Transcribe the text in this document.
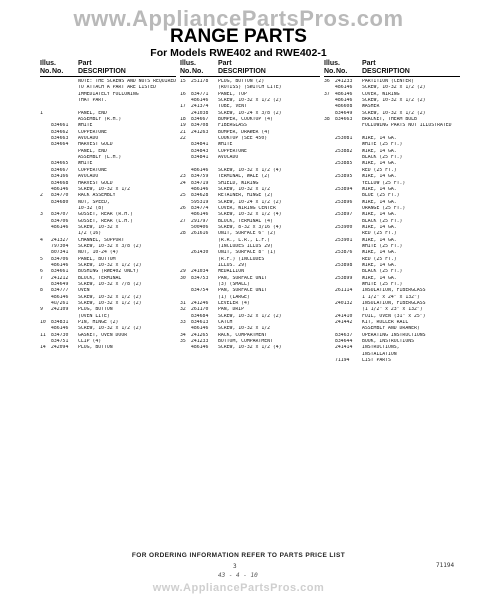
www.AppliancePartsPros.com
RANGE PARTS
For Models RWE402 and RWE402-1
Illus.	Part
No.No. DESCRIPTION
NOTE: THE SCREWS AND NUTS REQUIRED
TO ATTACH A PART ARE LISTED
IMMEDIATELY FOLLOWING
THAT PART.
1	PANEL, END
ASSEMBLY (R.H.)
834661	WHITE
834662	COPPERTONE
834663	AVOCADO
834664	HARVEST GOLD
PANEL, END
ASSEMBLY (L.H.)
834665	WHITE
834667	COPPERTONE
834166	AVOCADO
834668	HARVEST GOLD
486146	SCREW, 10-32 x 1/2
2	834770	RACK ASSEMBLY
834680	NUT, SPEED,
10-32 (8)
3	834707	GUSSET, REAR (R.H.)
834706	GUSSET, REAR (L.H.)
486146	SCREW, 10-32 x
1/2 (16)
4	241327	CHANNEL, SUPPORT
797304	SCREW, 10-32 x 3/8 (2)
807341	NUT, 10-24 (4)
5	834706	PANEL, BOTTOM
486146	SCREW, 10-32 x 1/2 (2)
6	834661	BUSHING (RWE402 ONLY)
7	241212	BLOCK, TERMINAL
834649	SCREW, 10-32 x 7/8 (2)
8	834777	OVEN
486146	SCREW, 10-32 x 1/2 (2)
4u/261	SCREW, 10-32 x 1/2 (2)
9	242109	PLUG, BUTTON
(OVEN LITE)
10	834831	PIN, HINGE (2)
486146	SCREW, 10-32 x 1/2 (2)
11	834730	GASKET, OVEN DOOR
834751	CLIP (4)
14	242094	PLUG, BUTTON
Illus.	Part
No.No. DESCRIPTION
15	251178	PLUG, BUTTON (2)
(ROTISS) (SWITCH LITE)
16	834771	PANEL, TOP
486146	SCREW, 10-32 x 1/2 (2)
17	241374	TUBE, VENT
241038	SCREW, 10-24 x 3/8 (2)
18	834667	BUMPER, COOKTOP (4)
19	834708	FIBERGLASS
21	241263	BUMPER, DRAWER (4)
22	COOKTOP (SEE 450)
834841	WHITE
834843	COPPERTONE
834841	AVOCADO
486146	SCREW, 10-32 x 1/2 (4)
23	834759	TERMINAL, WALE (2)
24	834719	SHIELD, WIRING
486146	SCREW, 10-32 x 1/2
25	834628	RETAINER, HINGE (2)
595319	SCREW, 10-24 x 1/2 (2)
26	834774	COVER, WIRING CENTER
486146	SCREW, 10-32 x 1/2 (4)
27	291797	BLOCK, TERMINAL (4)
500406	SCREW, 8-32 x 3/16 (4)
28	261616	UNIT, SURFACE 6" (2)
(R.R., L.R., L.F.)
(INCLUDES ILLUS 29)
261430	UNIT, SURFACE 8" (1)
(R.F.) (INCLUDES
ILLUS. 29)
29	241034	MEDALLION
30	834753	PAN, SURFACE UNIT
(3) (SMALL)
834754	PAN, SURFACE UNIT
(1) (LARGE)
31	241246	LEVELER (4)
32	261170	PAN, DRIP
834684	SCREW, 10-32 x 1/2 (2)
33	834613	CATCH
486146	SCREW, 10-32 x 1/2
34	241265	RACK, COMPARTMENT
35	241233	BOTTOM, COMPARTMENT
486146	SCREW, 10-32 x 1/2 (4)
Illus.	Part
No.No. DESCRIPTION
36	241233	PARTITION (CENTER)
486146	SCREW, 10-32 x 1/2 (2)
37	486146	COVER, WIRING
486146	SCREW, 10-32 x 1/2 (2)
486608	WASHER
834649	SCREW, 10-32 x 1/2 (2)
38	834663	BRACKET, THERM BULB
FOLLOWING PARTS NOT ILLUSTRATED
253081	WIRE, 14 GA.
WHITE (25 FT.)
253882	WIRE, 14 GA.
BLACK (25 FT.)
253885	WIRE, 14 GA.
RED (25 FT.)
253895	WIRE, 14 GA.
YELLOW (25 FT.)
253894	WIRE, 14 GA.
BLUE (25 FT.)
253896	WIRE, 14 GA.
ORANGE (25 FT.)
253897	WIRE, 14 GA.
BLACK (25 FT.)
253900	WIRE, 14 GA.
RED (25 FT.)
253901	WIRE, 14 GA.
WHITE (25 FT.)
253876	WIRE, 14 GA.
RED (25 FT.)
253898	WIRE, 14 GA.
BLACK (25 FT.)
253899	WIRE, 14 GA.
WHITE (25 FT.)
261114	INSULATION, FIBERGLASS
1 1/2" x 24" x 132")
240132	INSULATION, FIBERGLASS
(1 1/2" x 23" x 132")
241410	FOIL, OVEN (31" x 25")
241442	KIT, ROLLER RAIL
ASSEMBLY AND DRAWER)
834637	OPERATING INSTRUCTIONS
834644	BOOK, INSTRUCTIONS
241414	INSTRUCTIONS,
INSTALLATION
71194	LIST PARTS
FOR ORDERING INFORMATION REFER TO PARTS PRICE LIST
3	71194
43 - 4 - 10
www.AppliancePartsPros.com
